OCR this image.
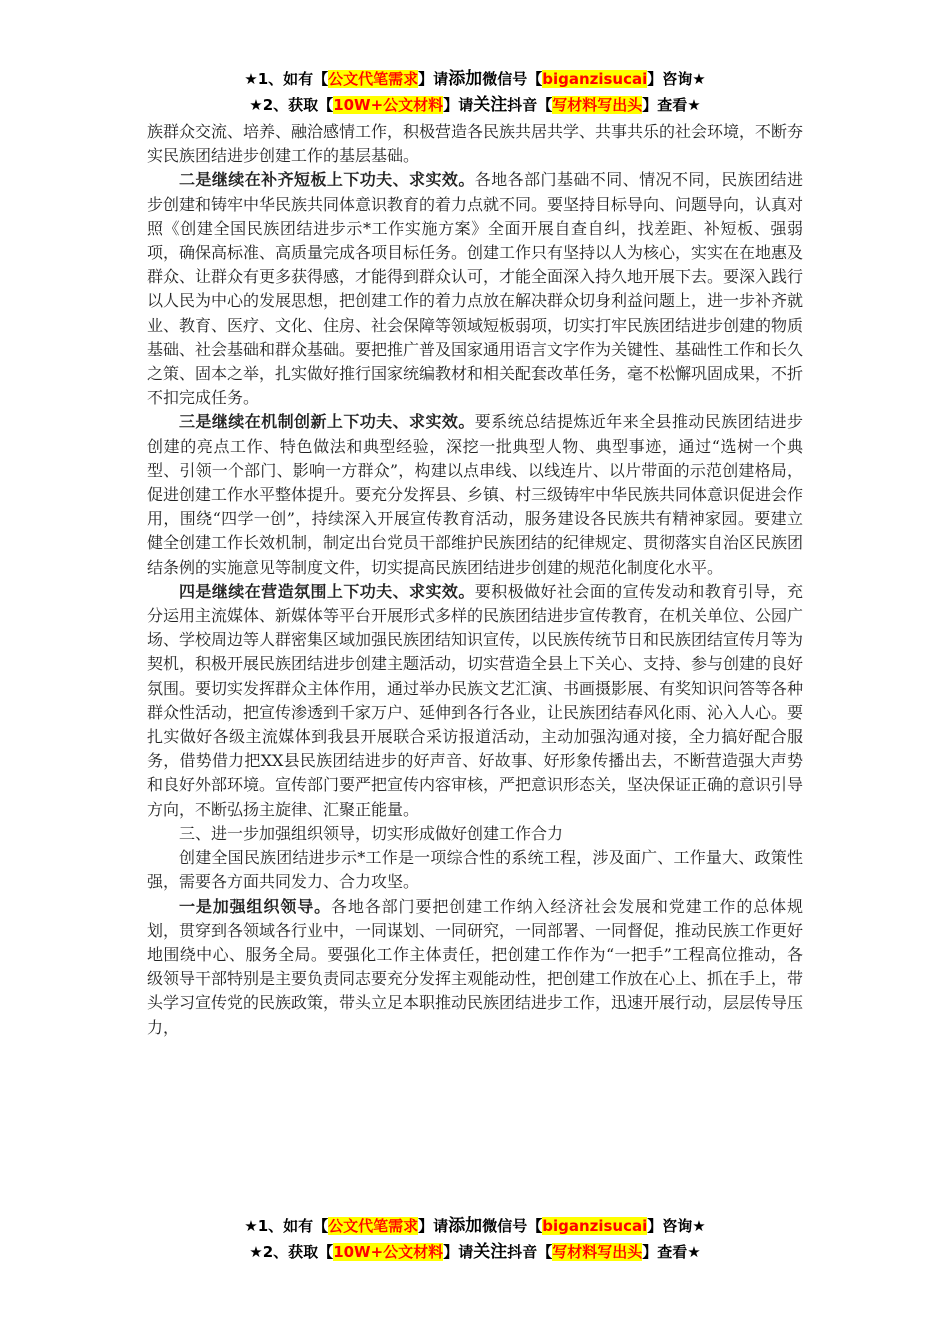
★1、如有【公文代笔需求】请添加微信号【biganzisucai】咨询★
★2、获取【10W+公文材料】请关注抖音【写材料写出头】查看★

族群众交流、培养、融洽感情工作，积极营造各民族共居共学、共事共乐的社会环境，不断夯实民族团结进步创建工作的基层基础。

二是继续在补齐短板上下功夫、求实效。各地各部门基础不同、情况不同，民族团结进步创建和铸牢中华民族共同体意识教育的着力点就不同。要坚持目标导向、问题导向，认真对照《创建全国民族团结进步示*工作实施方案》全面开展自查自纠，找差距、补短板、强弱项，确保高标准、高质量完成各项目标任务。创建工作只有坚持以人为核心，实实在在地惠及群众、让群众有更多获得感，才能得到群众认可，才能全面深入持久地开展下去。要深入践行以人民为中心的发展思想，把创建工作的着力点放在解决群众切身利益问题上，进一步补齐就业、教育、医疗、文化、住房、社会保障等领域短板弱项，切实打牢民族团结进步创建的物质基础、社会基础和群众基础。要把推广普及国家通用语言文字作为关键性、基础性工作和长久之策、固本之举，扎实做好推行国家统编教材和相关配套改革任务，毫不松懈巩固成果，不折不扣完成任务。

三是继续在机制创新上下功夫、求实效。要系统总结提炼近年来全县推动民族团结进步创建的亮点工作、特色做法和典型经验，深挖一批典型人物、典型事迹，通过“选树一个典型、引领一个部门、影响一方群众”，构建以点串线、以线连片、以片带面的示范创建格局，促进创建工作水平整体提升。要充分发挥县、乡镇、村三级铸牢中华民族共同体意识促进会作用，围绕“四学一创”，持续深入开展宣传教育活动，服务建设各民族共有精神家园。要建立健全创建工作长效机制，制定出台党员干部维护民族团结的纪律规定、贯彻落实自治区民族团结条例的实施意见等制度文件，切实提高民族团结进步创建的规范化制度化水平。

四是继续在营造氛围上下功夫、求实效。要积极做好社会面的宣传发动和教育引导，充分运用主流媒体、新媒体等平台开展形式多样的民族团结进步宣传教育，在机关单位、公园广场、学校周边等人群密集区域加强民族团结知识宣传，以民族传统节日和民族团结宣传月等为契机，积极开展民族团结进步创建主题活动，切实营造全县上下关心、支持、参与创建的良好氛围。要切实发挥群众主体作用，通过举办民族文艺汇演、书画摄影展、有奖知识问答等各种群众性活动，把宣传渗透到千家万户、延伸到各行各业，让民族团结春风化雨、沁入人心。要扎实做好各级主流媒体到我县开展联合采访报道活动，主动加强沟通对接，全力搞好配合服务，借势借力把XX县民族团结进步的好声音、好故事、好形象传播出去，不断营造强大声势和良好外部环境。宣传部门要严把宣传内容审核，严把意识形态关，坚决保证正确的意识引导方向，不断弘扬主旋律、汇聚正能量。

三、进一步加强组织领导，切实形成做好创建工作合力

创建全国民族团结进步示*工作是一项综合性的系统工程，涉及面广、工作量大、政策性强，需要各方面共同发力、合力攻坚。

一是加强组织领导。各地各部门要把创建工作纳入经济社会发展和党建工作的总体规划，贯穿到各领域各行业中，一同谋划、一同研究，一同部署、一同督促，推动民族工作更好地围绕中心、服务全局。要强化工作主体责任，把创建工作作为“一把手”工程高位推动，各级领导干部特别是主要负责同志要充分发挥主观能动性，把创建工作放在心上、抓在手上，带头学习宣传党的民族政策，带头立足本职推动民族团结进步工作，迅速开展行动，层层传导压力，

★1、如有【公文代笔需求】请添加微信号【biganzisucai】咨询★
★2、获取【10W+公文材料】请关注抖音【写材料写出头】查看★
